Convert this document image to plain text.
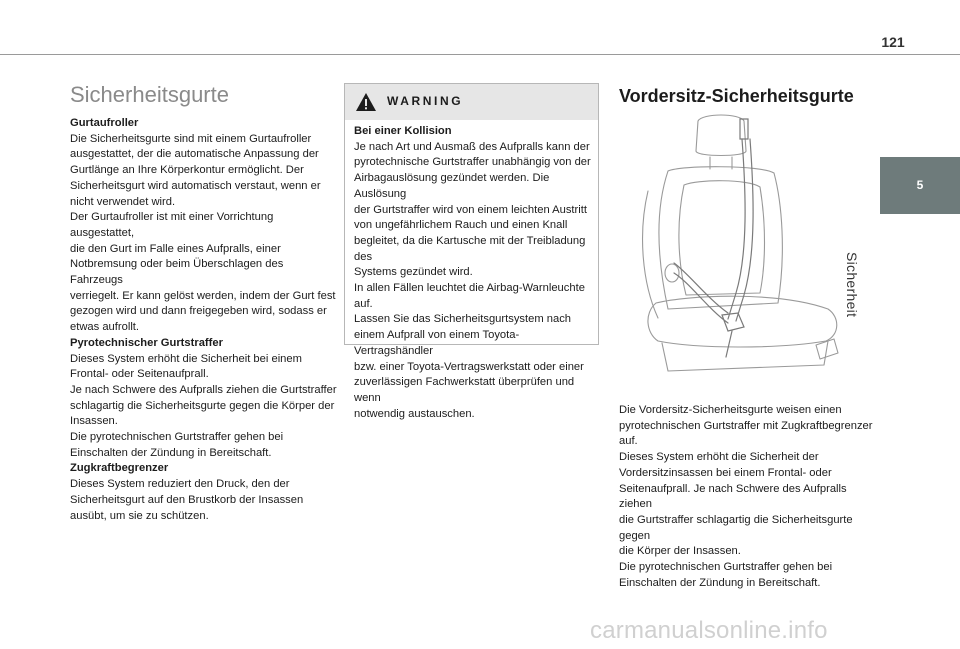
121
5
Sicherheit
Sicherheitsgurte

Gurtaufroller
Die Sicherheitsgurte sind mit einem Gurtaufroller
ausgestattet, der die automatische Anpassung der
Gurtlänge an Ihre Körperkontur ermöglicht. Der
Sicherheitsgurt wird automatisch verstaut, wenn er
nicht verwendet wird.
Der Gurtaufroller ist mit einer Vorrichtung ausgestattet,
die den Gurt im Falle eines Aufpralls, einer
Notbremsung oder beim Überschlagen des Fahrzeugs
verriegelt. Er kann gelöst werden, indem der Gurt fest
gezogen wird und dann freigegeben wird, sodass er
etwas aufrollt.

Pyrotechnischer Gurtstraffer
Dieses System erhöht die Sicherheit bei einem
Frontal- oder Seitenaufprall.
Je nach Schwere des Aufpralls ziehen die Gurtstraffer
schlagartig die Sicherheitsgurte gegen die Körper der
Insassen.
Die pyrotechnischen Gurtstraffer gehen bei
Einschalten der Zündung in Bereitschaft.

Zugkraftbegrenzer
Dieses System reduziert den Druck, den der
Sicherheitsgurt auf den Brustkorb der Insassen
ausübt, um sie zu schützen.

WARNING

Bei einer Kollision
Je nach Art und Ausmaß des Aufpralls kann der
pyrotechnische Gurtstraffer unabhängig von der
Airbagauslösung gezündet werden. Die Auslösung
der Gurtstraffer wird von einem leichten Austritt
von ungefährlichem Rauch und einen Knall
begleitet, da die Kartusche mit der Treibladung des
Systems gezündet wird.
In allen Fällen leuchtet die Airbag-Warnleuchte auf.
Lassen Sie das Sicherheitsgurtsystem nach
einem Aufprall von einem Toyota-Vertragshändler
bzw. einer Toyota-Vertragswerkstatt oder einer
zuverlässigen Fachwerkstatt überprüfen und wenn
notwendig austauschen.

Vordersitz-Sicherheitsgurte

Die Vordersitz-Sicherheitsgurte weisen einen
pyrotechnischen Gurtstraffer mit Zugkraftbegrenzer
auf.
Dieses System erhöht die Sicherheit der
Vordersitzinsassen bei einem Frontal- oder
Seitenaufprall. Je nach Schwere des Aufpralls ziehen
die Gurtstraffer schlagartig die Sicherheitsgurte gegen
die Körper der Insassen.
Die pyrotechnischen Gurtstraffer gehen bei
Einschalten der Zündung in Bereitschaft.

carmanualsonline.info
